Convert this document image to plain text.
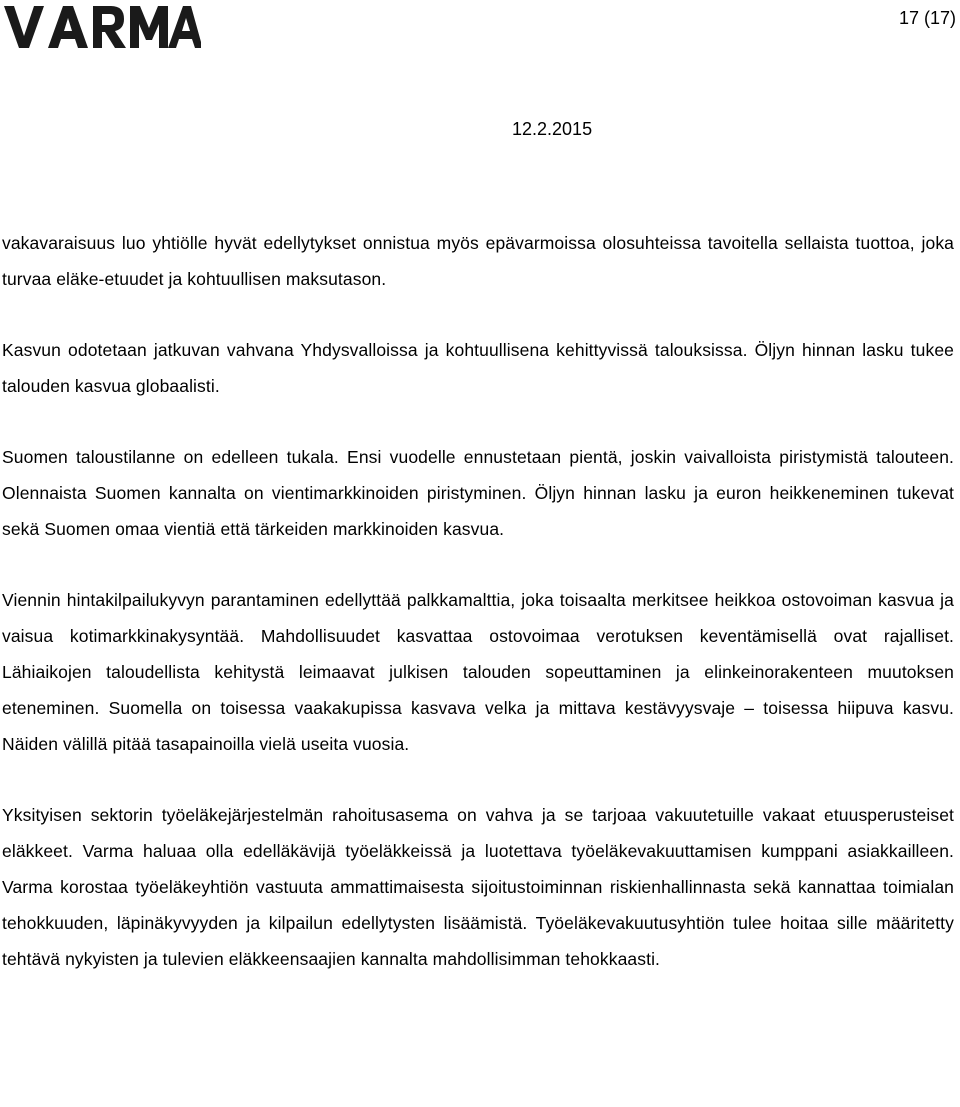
17 (17)
12.2.2015

vakavaraisuus luo yhtiölle hyvät edellytykset onnistua myös epävarmoissa olosuhteissa tavoitella sellaista tuottoa, joka turvaa eläke-etuudet ja kohtuullisen maksutason.

Kasvun odotetaan jatkuvan vahvana Yhdysvalloissa ja kohtuullisena kehittyvissä talouksissa. Öljyn hinnan lasku tukee talouden kasvua globaalisti.

Suomen taloustilanne on edelleen tukala. Ensi vuodelle ennustetaan pientä, joskin vaivalloista piristymistä talouteen. Olennaista Suomen kannalta on vientimarkkinoiden piristyminen. Öljyn hinnan lasku ja euron heikkeneminen tukevat sekä Suomen omaa vientiä että tärkeiden markkinoiden kasvua.

Viennin hintakilpailukyvyn parantaminen edellyttää palkkamalttia, joka toisaalta merkitsee heikkoa ostovoiman kasvua ja vaisua kotimarkkinakysyntää. Mahdollisuudet kasvattaa ostovoimaa verotuksen keventämisellä ovat rajalliset. Lähiaikojen taloudellista kehitystä leimaavat julkisen talouden sopeuttaminen ja elinkeinorakenteen muutoksen eteneminen. Suomella on toisessa vaakakupissa kasvava velka ja mittava kestävyysvaje – toisessa hiipuva kasvu. Näiden välillä pitää tasapainoilla vielä useita vuosia.

Yksityisen sektorin työeläkejärjestelmän rahoitusasema on vahva ja se tarjoaa vakuutetuille vakaat etuusperusteiset eläkkeet. Varma haluaa olla edelläkävijä työeläkkeissä ja luotettava työeläkevakuuttamisen kumppani asiakkailleen. Varma korostaa työeläkeyhtiön vastuuta ammattimaisesta sijoitustoiminnan riskienhallinnasta sekä kannattaa toimialan tehokkuuden, läpinäkyvyyden ja kilpailun edellytysten lisäämistä. Työeläkevakuutusyhtiön tulee hoitaa sille määritetty tehtävä nykyisten ja tulevien eläkkeensaajien kannalta mahdollisimman tehokkaasti.
